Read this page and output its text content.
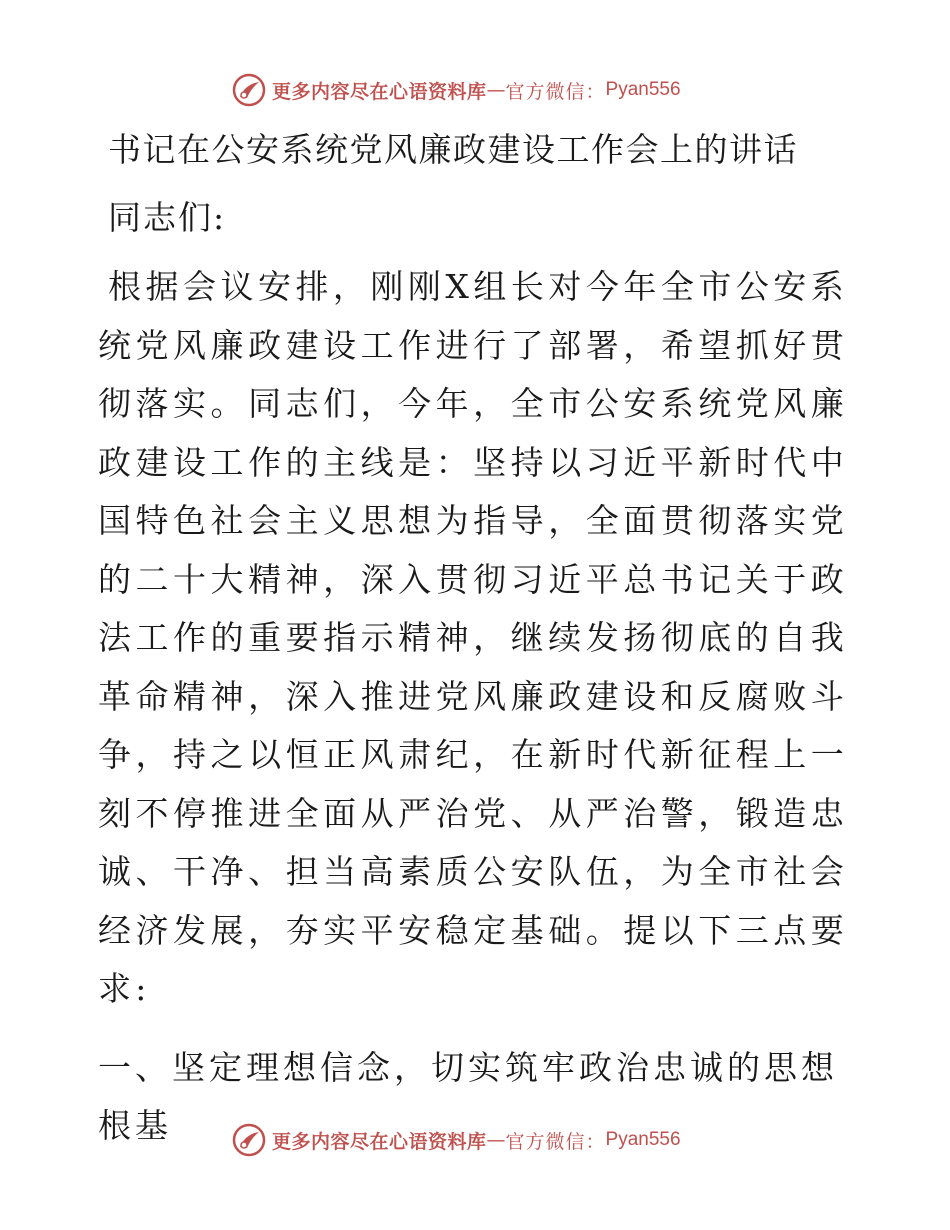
更多内容尽在心语资料库 — 官方微信： Pyan556
书记在公安系统党风廉政建设工作会上的讲话
同志们:
根据会议安排，刚刚X组长对今年全市公安系统党风廉政建设工作进行了部署，希望抓好贯彻落实。同志们，今年，全市公安系统党风廉政建设工作的主线是：坚持以习近平新时代中国特色社会主义思想为指导，全面贯彻落实党的二十大精神，深入贯彻习近平总书记关于政法工作的重要指示精神，继续发扬彻底的自我革命精神，深入推进党风廉政建设和反腐败斗争，持之以恒正风肃纪，在新时代新征程上一刻不停推进全面从严治党、从严治警，锻造忠诚、干净、担当高素质公安队伍，为全市社会经济发展，夯实平安稳定基础。提以下三点要求:
一、坚定理想信念，切实筑牢政治忠诚的思想根基	更多内容尽在心语资料库 — 官方微信： Pyan556
